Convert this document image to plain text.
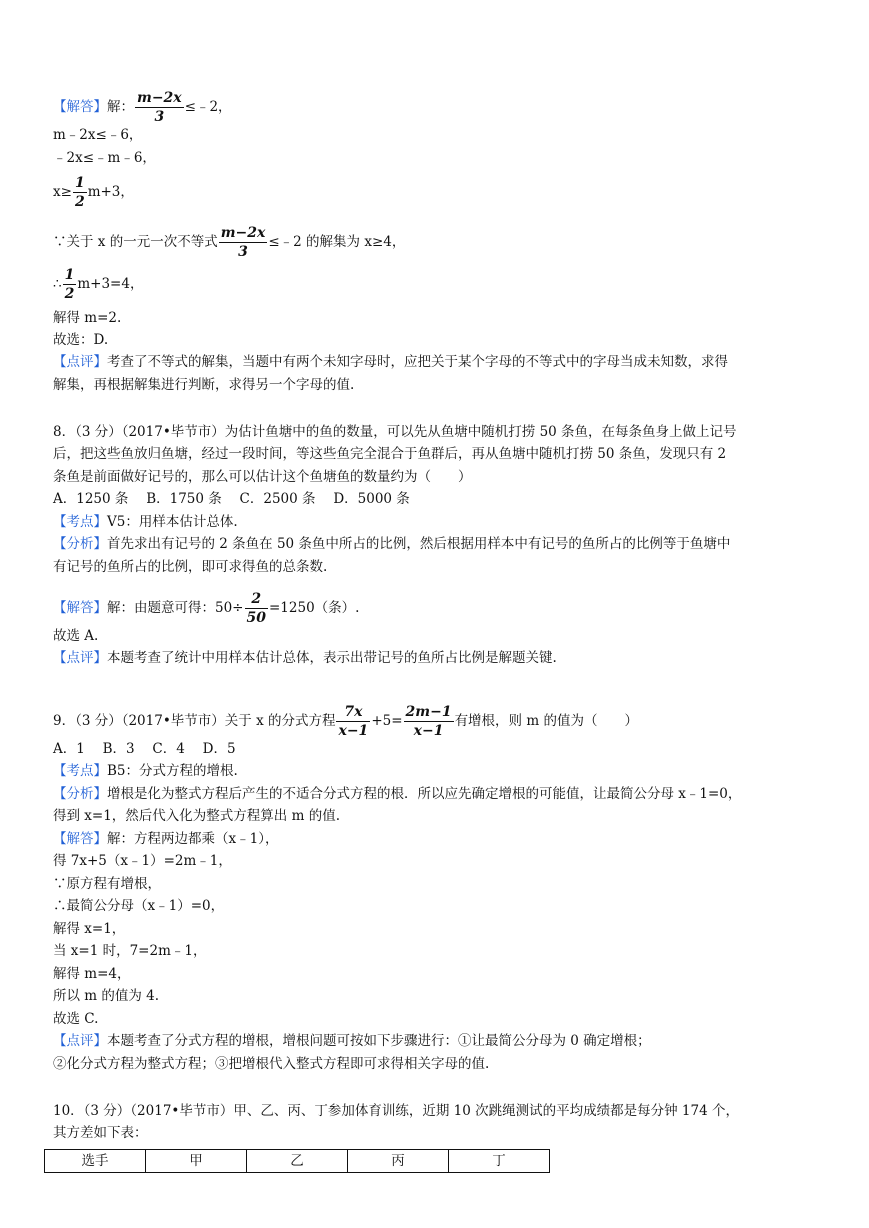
【解答】解： $\frac{m-2x}{3}$ ≤﹣2，
m﹣2x≤﹣6，
﹣2x≤﹣m﹣6，
$x\ge \frac{1}{2} m+3$，
∵关于 x 的一元一次不等式 $\frac{m-2x}{3}$ ≤﹣2 的解集为 x≥4，
∴ $\frac{1}{2} m+3=4$，
解得 m=2.
故选：D.
【点评】考查了不等式的解集，当题中有两个未知字母时，应把关于某个字母的不等式中的字母当成未知数，求得
解集，再根据解集进行判断，求得另一个字母的值.
8．（3 分）（2017•毕节市）为估计鱼塘中的鱼的数量，可以先从鱼塘中随机打捞 50 条鱼，在每条鱼身上做上记号
后，把这些鱼放归鱼塘，经过一段时间，等这些鱼完全混合于鱼群后，再从鱼塘中随机打捞 50 条鱼，发现只有 2
条鱼是前面做好记号的，那么可以估计这个鱼塘鱼的数量约为（　　）
A．1250 条　 B．1750 条　 C．2500 条　 D．5000 条
【考点】V5：用样本估计总体.
【分析】首先求出有记号的 2 条鱼在 50 条鱼中所占的比例，然后根据用样本中有记号的鱼所占的比例等于鱼塘中
有记号的鱼所占的比例，即可求得鱼的总条数.
【解答】解：由题意可得：$50\div \frac{2}{50} =1250$（条）.
故选 A.
【点评】本题考查了统计中用样本估计总体，表示出带记号的鱼所占比例是解题关键.
9．（3 分）（2017•毕节市）关于 x 的分式方程 $\frac{7x}{x-1} +5= \frac{2m-1}{x-1}$ 有增根，则 m 的值为（　　）
A．1　 B．3　 C．4　 D．5
【考点】B5：分式方程的增根.
【分析】增根是化为整式方程后产生的不适合分式方程的根．所以应先确定增根的可能值，让最简公分母 x﹣1=0，
得到 x=1，然后代入化为整式方程算出 m 的值.
【解答】解：方程两边都乘（x﹣1），
得 7x+5（x﹣1）=2m﹣1，
∵原方程有增根，
∴最简公分母（x﹣1）=0，
解得 x=1，
当 x=1 时，7=2m﹣1，
解得 m=4，
所以 m 的值为 4.
故选 C.
【点评】本题考查了分式方程的增根，增根问题可按如下步骤进行：①让最简公分母为 0 确定增根；
②化分式方程为整式方程；③把增根代入整式方程即可求得相关字母的值.
10．（3 分）（2017•毕节市）甲、乙、丙、丁参加体育训练，近期 10 次跳绳测试的平均成绩都是每分钟 174 个，
其方差如下表：
选手	甲	乙	丙	丁
